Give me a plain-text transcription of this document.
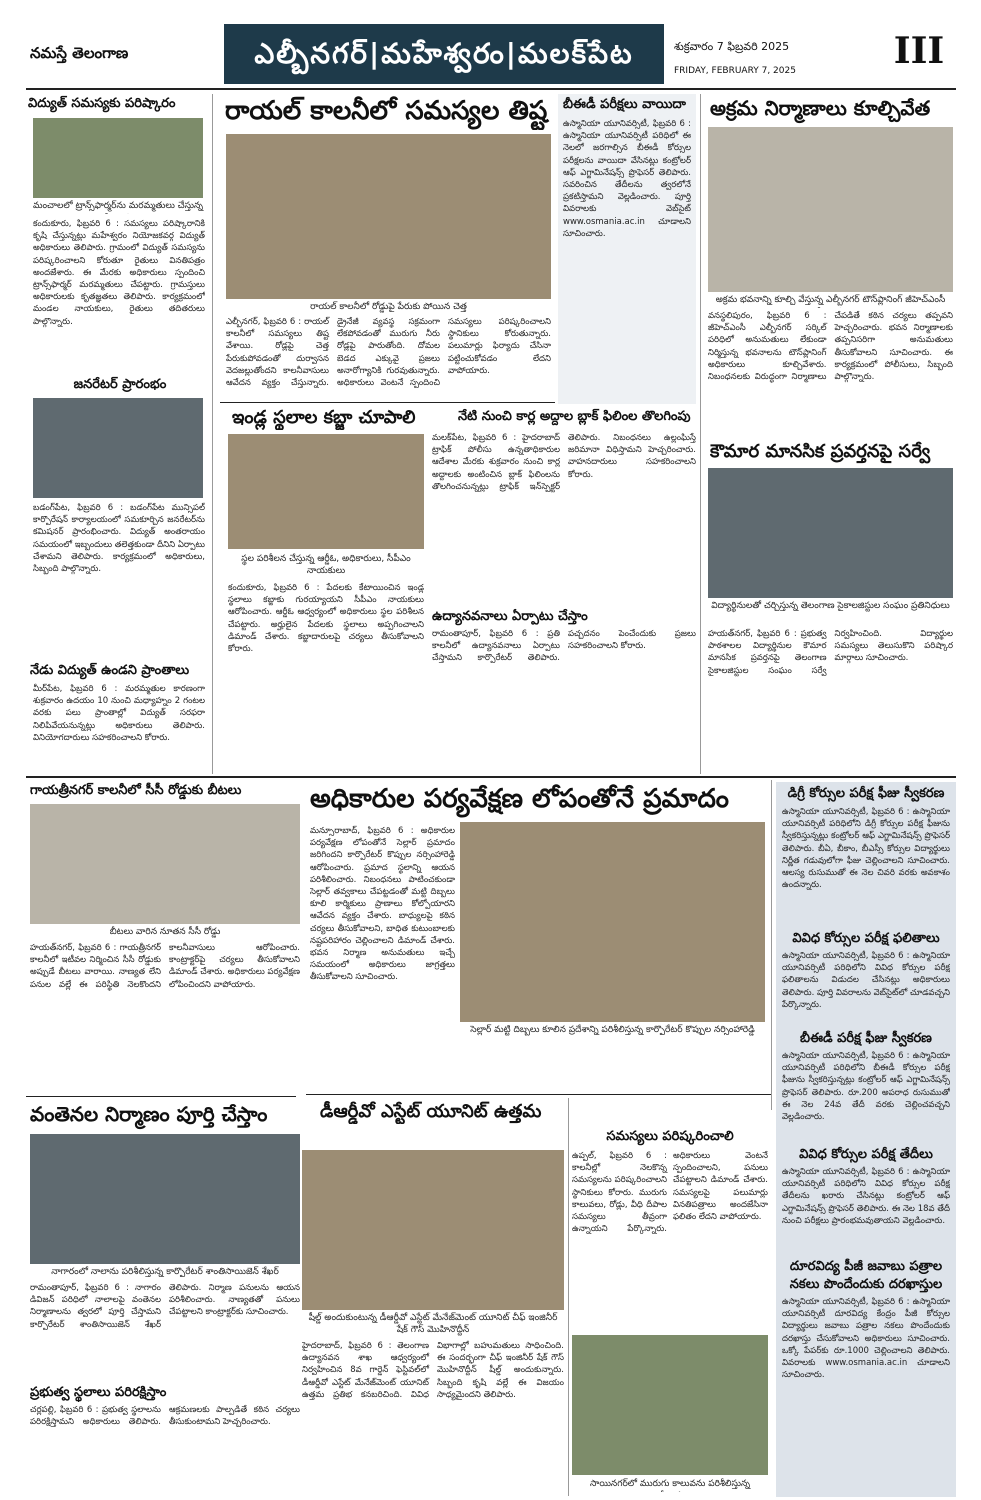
నమస్తే తెలంగాణ	ఎల్బీనగర్|మహేశ్వరం|మలక్‌పేట	శుక్రవారం 7 ఫిబ్రవరి 2025
FRIDAY, FEBRUARY 7, 2025	III
విద్యుత్ సమస్యకు పరిష్కారం
మంచాలలో ట్రాన్స్‌ఫార్మర్‌ను మరమ్మతులు చేస్తున్న
కందుకూరు, ఫిబ్రవరి 6 : సమస్యలు పరిష్కారానికి కృషి చేస్తున్నట్లు మహేశ్వరం నియోజకవర్గ విద్యుత్ అధికారులు తెలిపారు. గ్రామంలో విద్యుత్ సమస్యను పరిష్కరించాలని కోరుతూ రైతులు వినతిపత్రం అందజేశారు. ఈ మేరకు అధికారులు స్పందించి ట్రాన్స్‌ఫార్మర్ మరమ్మతులు చేపట్టారు. గ్రామస్తులు అధికారులకు కృతజ్ఞతలు తెలిపారు. కార్యక్రమంలో మండల నాయకులు, రైతులు తదితరులు పాల్గొన్నారు.
జనరేటర్ ప్రారంభం
బడంగ్‌పేట, ఫిబ్రవరి 6 : బడంగ్‌పేట మున్సిపల్ కార్పొరేషన్ కార్యాలయంలో సమకూర్చిన జనరేటర్‌ను కమిషనర్ ప్రారంభించారు. విద్యుత్ అంతరాయం సమయంలో ఇబ్బందులు తలెత్తకుండా దీనిని ఏర్పాటు చేశామని తెలిపారు. కార్యక్రమంలో అధికారులు, సిబ్బంది పాల్గొన్నారు.
నేడు విద్యుత్ ఉండని ప్రాంతాలు
మీర్‌పేట, ఫిబ్రవరి 6 : మరమ్మతుల కారణంగా శుక్రవారం ఉదయం 10 నుంచి మధ్యాహ్నం 2 గంటల వరకు పలు ప్రాంతాల్లో విద్యుత్ సరఫరా నిలిపివేయనున్నట్లు అధికారులు తెలిపారు. వినియోగదారులు సహకరించాలని కోరారు.
రాయల్ కాలనీలో సమస్యల తిష్ట
రాయల్ కాలనీలో రోడ్డుపై పేరుకు పోయిన చెత్త
ఎల్బీనగర్, ఫిబ్రవరి 6 : రాయల్ కాలనీలో సమస్యలు తిష్ట వేశాయి. రోడ్లపై చెత్త పేరుకుపోవడంతో దుర్వాసన వెదజల్లుతోందని కాలనీవాసులు ఆవేదన వ్యక్తం చేస్తున్నారు. డ్రైనేజీ వ్యవస్థ సక్రమంగా లేకపోవడంతో మురుగు నీరు రోడ్లపై పారుతోంది. దోమల బెడద ఎక్కువై ప్రజలు అనారోగ్యానికి గురవుతున్నారు. అధికారులు వెంటనే స్పందించి సమస్యలు పరిష్కరించాలని స్థానికులు కోరుతున్నారు. పలుమార్లు ఫిర్యాదు చేసినా పట్టించుకోవడం లేదని వాపోయారు.
బీఈడీ పరీక్షలు వాయిదా
ఉస్మానియా యూనివర్సిటీ, ఫిబ్రవరి 6 : ఉస్మానియా యూనివర్సిటీ పరిధిలో ఈ నెలలో జరగాల్సిన బీఈడీ కోర్సుల పరీక్షలను వాయిదా వేసినట్లు కంట్రోలర్ ఆఫ్ ఎగ్జామినేషన్స్ ప్రొఫెసర్ తెలిపారు. సవరించిన తేదీలను త్వరలోనే ప్రకటిస్తామని వెల్లడించారు. పూర్తి వివరాలకు వెబ్‌సైట్ www.osmania.ac.in చూడాలని సూచించారు.
అక్రమ నిర్మాణాలు కూల్చివేత
అక్రమ భవనాన్ని కూల్చి వేస్తున్న ఎల్బీనగర్ టౌన్‌ప్లానింగ్ జీహెచ్‌ఎంసీ
వనస్థలిపురం, ఫిబ్రవరి 6 : జీహెచ్‌ఎంసీ ఎల్బీనగర్ సర్కిల్ పరిధిలో అనుమతులు లేకుండా నిర్మిస్తున్న భవనాలను టౌన్‌ప్లానింగ్ అధికారులు కూల్చివేశారు. నిబంధనలకు విరుద్ధంగా నిర్మాణాలు చేపడితే కఠిన చర్యలు తప్పవని హెచ్చరించారు. భవన నిర్మాణాలకు తప్పనిసరిగా అనుమతులు తీసుకోవాలని సూచించారు. ఈ కార్యక్రమంలో పోలీసులు, సిబ్బంది పాల్గొన్నారు.
ఇండ్ల స్థలాల కబ్జా చూపాలి
స్థల పరిశీలన చేస్తున్న ఆర్డీఓ, అధికారులు, సీపీఎం నాయకులు
కందుకూరు, ఫిబ్రవరి 6 : పేదలకు కేటాయించిన ఇండ్ల స్థలాలు కబ్జాకు గురయ్యాయని సీపీఎం నాయకులు ఆరోపించారు. ఆర్డీఓ ఆధ్వర్యంలో అధికారులు స్థల పరిశీలన చేపట్టారు. అర్హులైన పేదలకు స్థలాలు అప్పగించాలని డిమాండ్ చేశారు. కబ్జాదారులపై చర్యలు తీసుకోవాలని కోరారు.
నేటి నుంచి కార్ల అద్దాల బ్లాక్ ఫిలింల తొలగింపు
మలక్‌పేట, ఫిబ్రవరి 6 : హైదరాబాద్ ట్రాఫిక్ పోలీసు ఉన్నతాధికారుల ఆదేశాల మేరకు శుక్రవారం నుంచి కార్ల అద్దాలకు అంటించిన బ్లాక్ ఫిలింలను తొలగించనున్నట్లు ట్రాఫిక్ ఇన్‌స్పెక్టర్ తెలిపారు. నిబంధనలు ఉల్లంఘిస్తే జరిమానా విధిస్తామని హెచ్చరించారు. వాహనదారులు సహకరించాలని కోరారు.
ఉద్యానవనాలు ఏర్పాటు చేస్తాం
రామంతాపూర్, ఫిబ్రవరి 6 : ప్రతి కాలనీలో ఉద్యానవనాలు ఏర్పాటు చేస్తామని కార్పొరేటర్ తెలిపారు. పచ్చదనం పెంచేందుకు ప్రజలు సహకరించాలని కోరారు.
కౌమార మానసిక ప్రవర్తనపై సర్వే
విద్యార్థినులతో చర్చిస్తున్న తెలంగాణ సైకాలజిస్టుల సంఘం ప్రతినిధులు
హయత్‌నగర్, ఫిబ్రవరి 6 : ప్రభుత్వ పాఠశాలల విద్యార్థినుల కౌమార మానసిక ప్రవర్తనపై తెలంగాణ సైకాలజిస్టుల సంఘం సర్వే నిర్వహించింది. విద్యార్థుల సమస్యలు తెలుసుకొని పరిష్కార మార్గాలు సూచించారు.
గాయత్రీనగర్ కాలనీలో సీసీ రోడ్డుకు బీటలు
బీటలు వారిన నూతన సీసీ రోడ్డు
హయత్‌నగర్, ఫిబ్రవరి 6 : గాయత్రీనగర్ కాలనీలో ఇటీవల నిర్మించిన సీసీ రోడ్డుకు అప్పుడే బీటలు వారాయి. నాణ్యత లేని పనుల వల్లే ఈ పరిస్థితి నెలకొందని కాలనీవాసులు ఆరోపించారు. కాంట్రాక్టర్‌పై చర్యలు తీసుకోవాలని డిమాండ్ చేశారు. అధికారులు పర్యవేక్షణ లోపించిందని వాపోయారు.
అధికారుల పర్యవేక్షణ లోపంతోనే ప్రమాదం
మన్సూరాబాద్, ఫిబ్రవరి 6 : అధికారుల పర్యవేక్షణ లోపంతోనే సెల్లార్ ప్రమాదం జరిగిందని కార్పొరేటర్ కొప్పుల నర్సింహారెడ్డి ఆరోపించారు. ప్రమాద స్థలాన్ని ఆయన పరిశీలించారు. నిబంధనలు పాటించకుండా సెల్లార్ తవ్వకాలు చేపట్టడంతో మట్టి దిబ్బలు కూలి కార్మికులు ప్రాణాలు కోల్పోయారని ఆవేదన వ్యక్తం చేశారు. బాధ్యులపై కఠిన చర్యలు తీసుకోవాలని, బాధిత కుటుంబాలకు నష్టపరిహారం చెల్లించాలని డిమాండ్ చేశారు. భవన నిర్మాణ అనుమతులు ఇచ్చే సమయంలో అధికారులు జాగ్రత్తలు తీసుకోవాలని సూచించారు.
సెల్లార్ మట్టి దిబ్బలు కూలిన ప్రదేశాన్ని పరిశీలిస్తున్న కార్పొరేటర్ కొప్పుల నర్సింహారెడ్డి
డిగ్రీ కోర్సుల పరీక్ష ఫీజు స్వీకరణ
ఉస్మానియా యూనివర్సిటీ, ఫిబ్రవరి 6 : ఉస్మానియా యూనివర్సిటీ పరిధిలోని డిగ్రీ కోర్సుల పరీక్ష ఫీజును స్వీకరిస్తున్నట్లు కంట్రోలర్ ఆఫ్ ఎగ్జామినేషన్స్ ప్రొఫెసర్ తెలిపారు. బీఏ, బీకాం, బీఎస్సీ కోర్సుల విద్యార్థులు నిర్ణీత గడువులోగా ఫీజు చెల్లించాలని సూచించారు. ఆలస్య రుసుముతో ఈ నెల చివరి వరకు అవకాశం ఉందన్నారు.
వివిధ కోర్సుల పరీక్ష ఫలితాలు
ఉస్మానియా యూనివర్సిటీ, ఫిబ్రవరి 6 : ఉస్మానియా యూనివర్సిటీ పరిధిలోని వివిధ కోర్సుల పరీక్ష ఫలితాలను విడుదల చేసినట్లు అధికారులు తెలిపారు. పూర్తి వివరాలను వెబ్‌సైట్‌లో చూడవచ్చని పేర్కొన్నారు.
బీఈడీ పరీక్ష ఫీజు స్వీకరణ
ఉస్మానియా యూనివర్సిటీ, ఫిబ్రవరి 6 : ఉస్మానియా యూనివర్సిటీ పరిధిలోని బీఈడీ కోర్సుల పరీక్ష ఫీజును స్వీకరిస్తున్నట్లు కంట్రోలర్ ఆఫ్ ఎగ్జామినేషన్స్ ప్రొఫెసర్ తెలిపారు. రూ.200 అపరాధ రుసుముతో ఈ నెల 24వ తేదీ వరకు చెల్లించవచ్చని వెల్లడించారు.
వివిధ కోర్సుల పరీక్ష తేదీలు
ఉస్మానియా యూనివర్సిటీ, ఫిబ్రవరి 6 : ఉస్మానియా యూనివర్సిటీ పరిధిలోని వివిధ కోర్సుల పరీక్ష తేదీలను ఖరారు చేసినట్లు కంట్రోలర్ ఆఫ్ ఎగ్జామినేషన్స్ ప్రొఫెసర్ తెలిపారు. ఈ నెల 18వ తేదీ నుంచి పరీక్షలు ప్రారంభమవుతాయని వెల్లడించారు.
దూరవిద్య పీజీ జవాబు పత్రాల నకలు పొందేందుకు దరఖాస్తుల
ఉస్మానియా యూనివర్సిటీ, ఫిబ్రవరి 6 : ఉస్మానియా యూనివర్సిటీ దూరవిద్య కేంద్రం పీజీ కోర్సుల విద్యార్థులు జవాబు పత్రాల నకలు పొందేందుకు దరఖాస్తు చేసుకోవాలని అధికారులు సూచించారు. ఒక్కో పేపర్‌కు రూ.1000 చెల్లించాలని తెలిపారు. వివరాలకు www.osmania.ac.in చూడాలని సూచించారు.
వంతెనల నిర్మాణం పూర్తి చేస్తాం
నాగారంలో నాలాను పరిశీలిస్తున్న కార్పొరేటర్ శాంతిసాయిజెన్ శేఖర్
రామంతాపూర్, ఫిబ్రవరి 6 : నాగారం డివిజన్ పరిధిలో నాలాలపై వంతెనల నిర్మాణాలను త్వరలో పూర్తి చేస్తామని కార్పొరేటర్ శాంతిసాయిజెన్ శేఖర్ తెలిపారు. నిర్మాణ పనులను ఆయన పరిశీలించారు. నాణ్యతతో పనులు చేపట్టాలని కాంట్రాక్టర్‌కు సూచించారు.
ప్రభుత్వ స్థలాలు పరిరక్షిస్తాం
చర్లపల్లి, ఫిబ్రవరి 6 : ప్రభుత్వ స్థలాలను పరిరక్షిస్తామని అధికారులు తెలిపారు. ఆక్రమణలకు పాల్పడితే కఠిన చర్యలు తీసుకుంటామని హెచ్చరించారు.
డీఆర్డీవో ఎస్టేట్ యూనిట్ ఉత్తమ
షీల్డ్ అందుకుంటున్న డీఆర్డీవో ఎస్టేట్ మేనేజ్‌మెంట్ యూనిట్ చీఫ్ ఇంజినీర్ షేక్ గౌస్ మొహినొద్దీన్
హైదరాబాద్, ఫిబ్రవరి 6 : తెలంగాణ ఉద్యానవన శాఖ ఆధ్వర్యంలో నిర్వహించిన 8వ గార్డెన్ ఫెస్టివల్‌లో డీఆర్డీవో ఎస్టేట్ మేనేజ్‌మెంట్ యూనిట్ ఉత్తమ ప్రతిభ కనబరిచింది. వివిధ విభాగాల్లో బహుమతులు సాధించింది. ఈ సందర్భంగా చీఫ్ ఇంజినీర్ షేక్ గౌస్ మొహినొద్దీన్ షీల్డ్ అందుకున్నారు. సిబ్బంది కృషి వల్లే ఈ విజయం సాధ్యమైందని తెలిపారు.
సమస్యలు పరిష్కరించాలి
ఉప్పల్, ఫిబ్రవరి 6 : కాలనీల్లో నెలకొన్న సమస్యలను పరిష్కరించాలని స్థానికులు కోరారు. మురుగు కాలువలు, రోడ్లు, వీధి దీపాల సమస్యలు తీవ్రంగా ఉన్నాయని పేర్కొన్నారు. అధికారులు వెంటనే స్పందించాలని, పనులు చేపట్టాలని డిమాండ్ చేశారు. సమస్యలపై పలుమార్లు వినతిపత్రాలు అందజేసినా ఫలితం లేదని వాపోయారు.
సాయినగర్‌లో మురుగు కాలువను పరిశీలిస్తున్న
